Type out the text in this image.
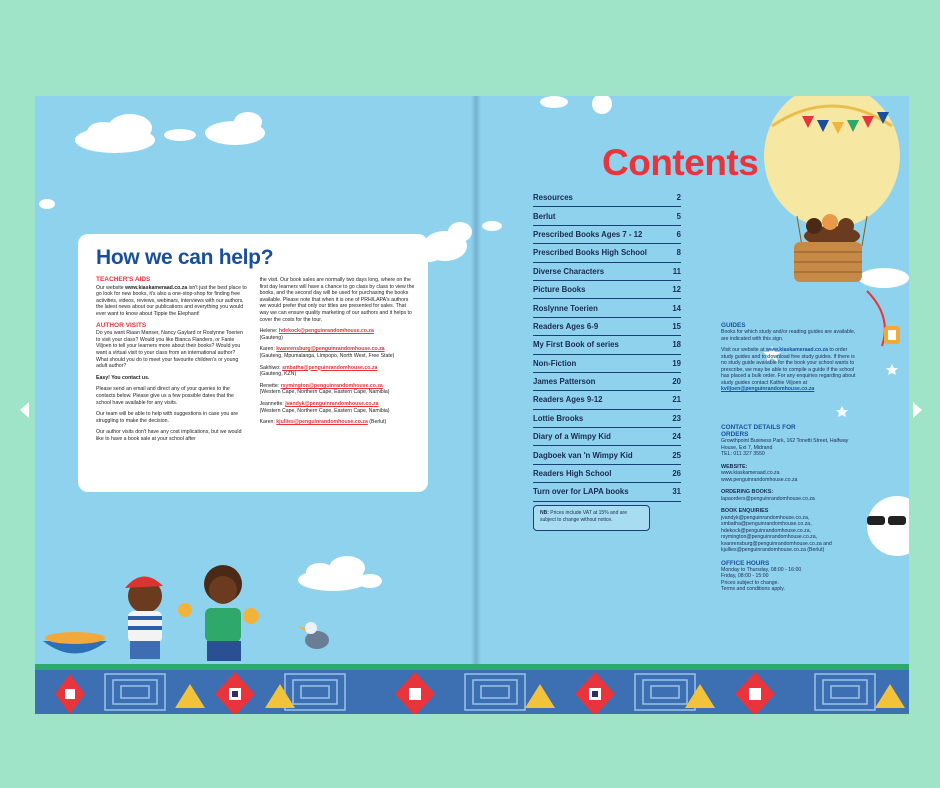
How we can help?
TEACHER'S AIDS
Our website www.kiaskameraad.co.za isn't just the best place to go look for new books, it's also a one-stop-shop for finding free activities, videos, reviews, webinars, interviews with our authors, the latest news about our publications and everything you would ever want to know about Tippie the Elephant!
AUTHOR VISITS
Do you want Riaan Manser, Nancy Gaylard or Roslynne Toerien to visit your class? Would you like Bianca Flanders, or Fanie Viljoen to tell your learners more about their books? Would you want a virtual visit to your class from an international author? What should you do to meet your favourite children's or young adult author?
Easy! You contact us.
Please send an email and direct any of your queries to the contacts below. Please give us a few possible dates that the school have available for any visits.
Our team will be able to help with suggestions in case you are struggling to make the decision.
Our author visits don't have any cost implications, but we would like to have a book sale at your school after
the visit. Our book sales are normally two days long, where on the first day learners will have a chance to go class by class to view the books, and the second day will be used for purchasing the books available. Please note that when it is one of PRH/LAPA's authors we would prefer that only our titles are presented for sales. That way we can ensure quality marketing of our authors and it helps to cover the costs for the tour.
Helene: hdekock@penguinrandomhouse.co.za
(Gauteng)
Karen: kvanrensburg@penguinrandomhouse.co.za
(Gauteng, Mpumalanga, Limpopo, North West, Free State)
Sakhiwo: smbatha@penguinrandomhouse.co.za
(Gauteng, KZN)
Renette: rsymington@penguinrandomhouse.co.za
(Western Cape, Northern Cape, Eastern Cape, Namibia)
Jeannette: jvandyk@penguinrandomhouse.co.za
(Western Cape, Northern Cape, Eastern Cape, Namibia)
Karen: kjullies@penguinrandomhouse.co.za (Berlut)
Contents
Resources	2
Berlut	5
Prescribed Books Ages 7 - 12	6
Prescribed Books High School	8
Diverse Characters	11
Picture Books	12
Roslynne Toerien	14
Readers Ages 6-9	15
My First Book of series	18
Non-Fiction	19
James Patterson	20
Readers Ages 9-12	21
Lottie Brooks	23
Diary of a Wimpy Kid	24
Dagboek van 'n Wimpy Kid	25
Readers High School	26
Turn over for LAPA books	31
NB: Prices include VAT at 15% and are subject to change without notice.
GUIDES
Books for which study and/or reading guides are available, are indicated with this sign.
Visit our website at www.kiaskameraad.co.za to order study guides and to download free study guides. If there is no study guide available for the book your school wants to prescribe, we may be able to compile a guide if the school has placed a bulk order. For any enquiries regarding about study guides contact Kathie Viljoen at kviljoen@penguinrandomhouse.co.za
CONTACT DETAILS FOR ORDERS
Growthpoint Business Park, 162 Tonetti Street, Halfway House, Ext 7, Midrand
TEL: 011 327 3550
WEBSITE:
www.kiaskameraad.co.za
www.penguinrandomhouse.co.za
ORDERING BOOKS:
lapaorders@penguinrandomhouse.co.za
BOOK ENQUIRIES
jvandyk@penguinrandomhouse.co.za,
smbatha@penguinrandomhouse.co.za,
hdekock@penguinrandomhouse.co.za,
rsymington@penguinrandomhouse.co.za,
kvanrensburg@penguinrandomhouse.co.za and
kjullies@penguinrandomhouse.co.za (Berlut)
OFFICE HOURS
Monday to Thursday, 08:00 - 16:00
Friday, 08:00 - 15:00
Prices subject to change.
Terms and conditions apply.
